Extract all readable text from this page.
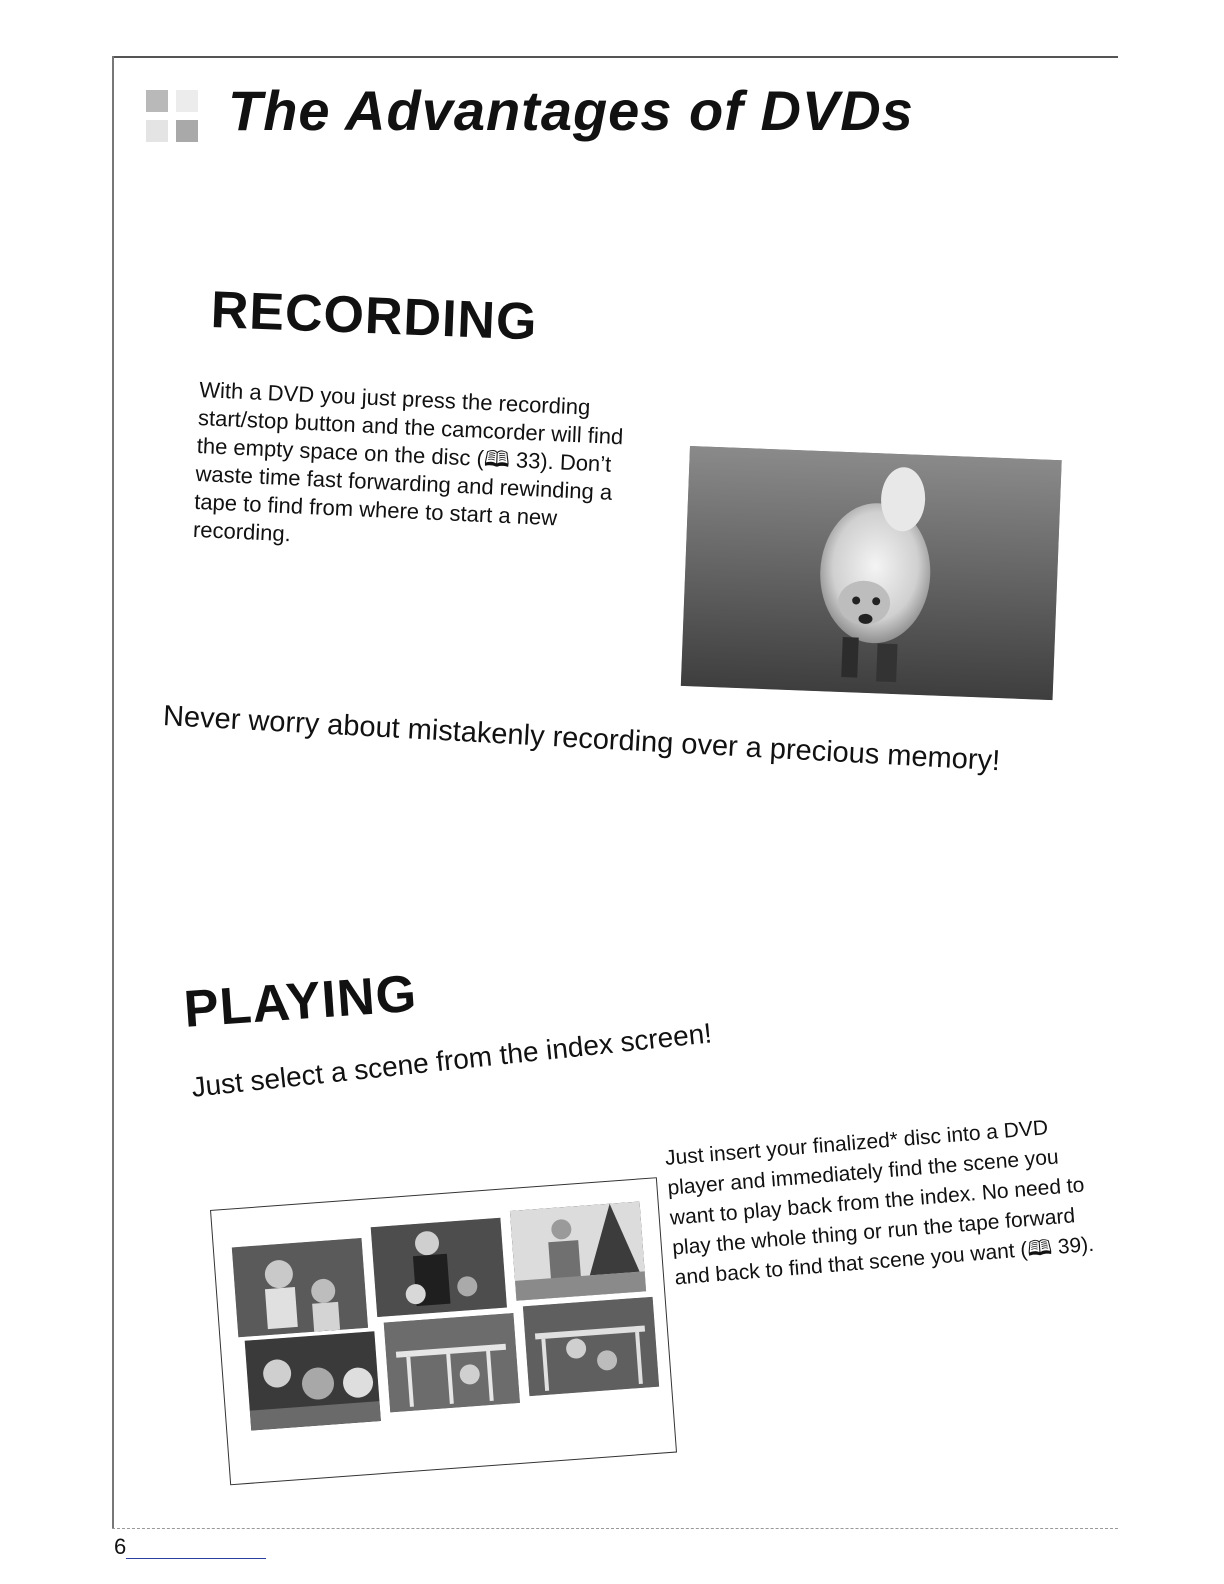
The Advantages of DVDs
RECORDING

With a DVD you just press the recording start/stop button and the camcorder will find the empty space on the disc (🕮 33). Don’t waste time fast forwarding and rewinding a tape to find from where to start a new recording.

Never worry about mistakenly recording over a precious memory!

PLAYING

Just select a scene from the index screen!

Just insert your finalized* disc into a DVD player and immediately find the scene you want to play back from the index. No need to play the whole thing or run the tape forward and back to find that scene you want (🕮 39).

6
